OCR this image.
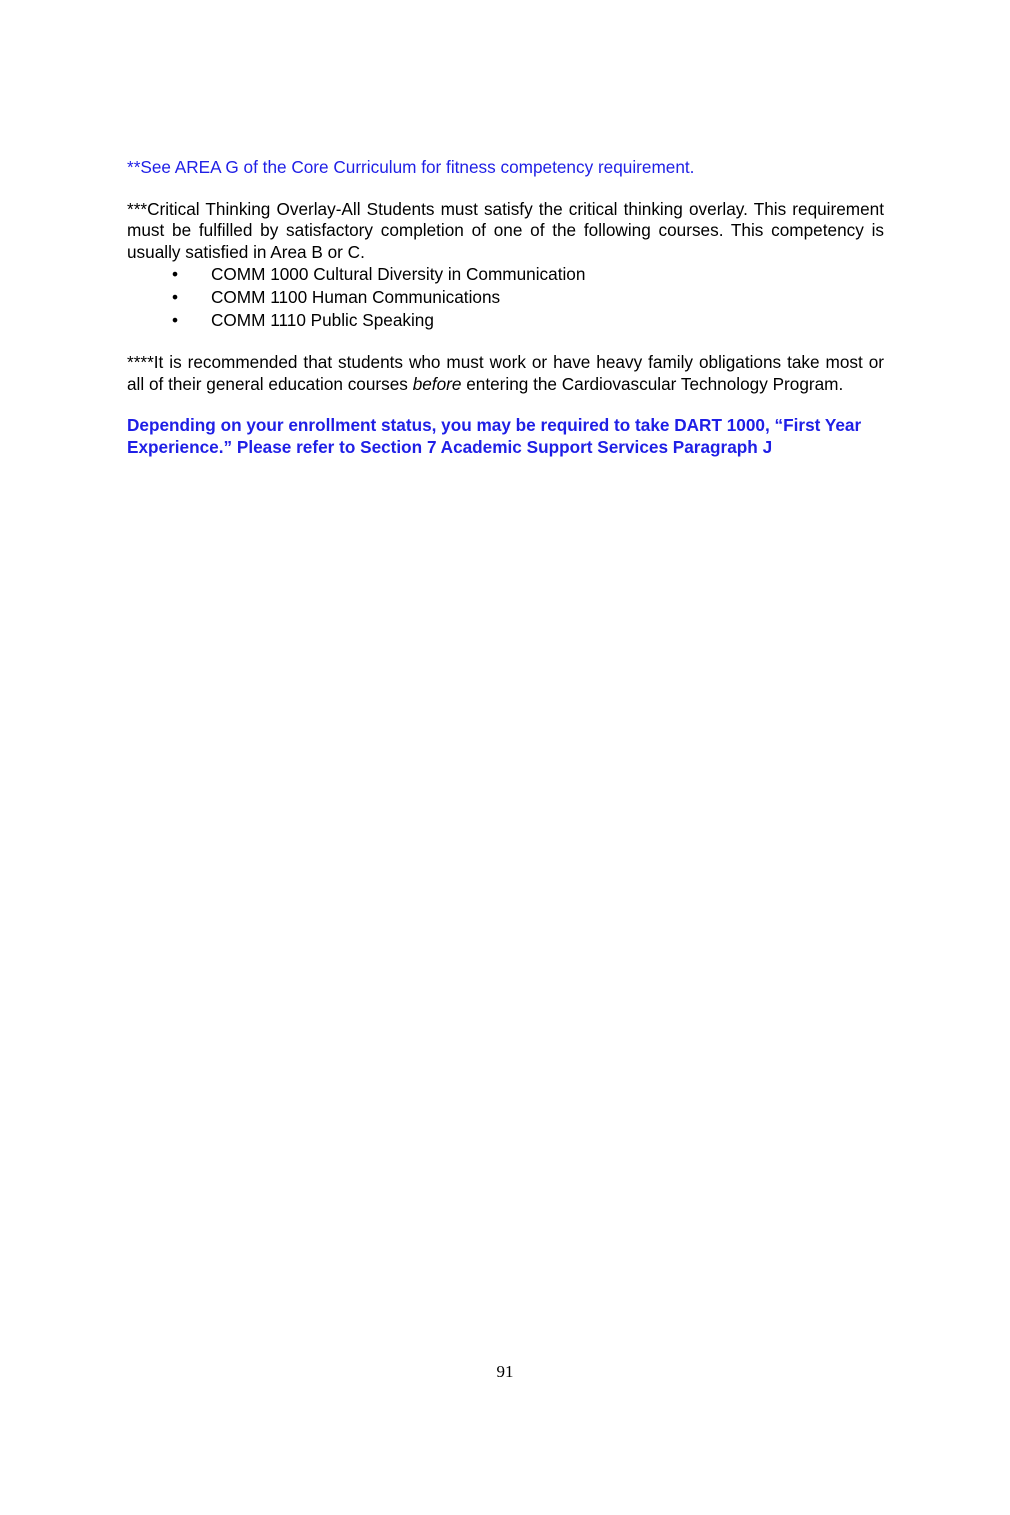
**See AREA G of the Core Curriculum for fitness competency requirement.

***Critical Thinking Overlay-All Students must satisfy the critical thinking overlay. This requirement must be fulfilled by satisfactory completion of one of the following courses. This competency is usually satisfied in Area B or C.

• COMM 1000 Cultural Diversity in Communication
• COMM 1100 Human Communications
• COMM 1110 Public Speaking

****It is recommended that students who must work or have heavy family obligations take most or all of their general education courses before entering the Cardiovascular Technology Program.

Depending on your enrollment status, you may be required to take DART 1000, “First Year Experience.” Please refer to Section 7 Academic Support Services Paragraph J

91
